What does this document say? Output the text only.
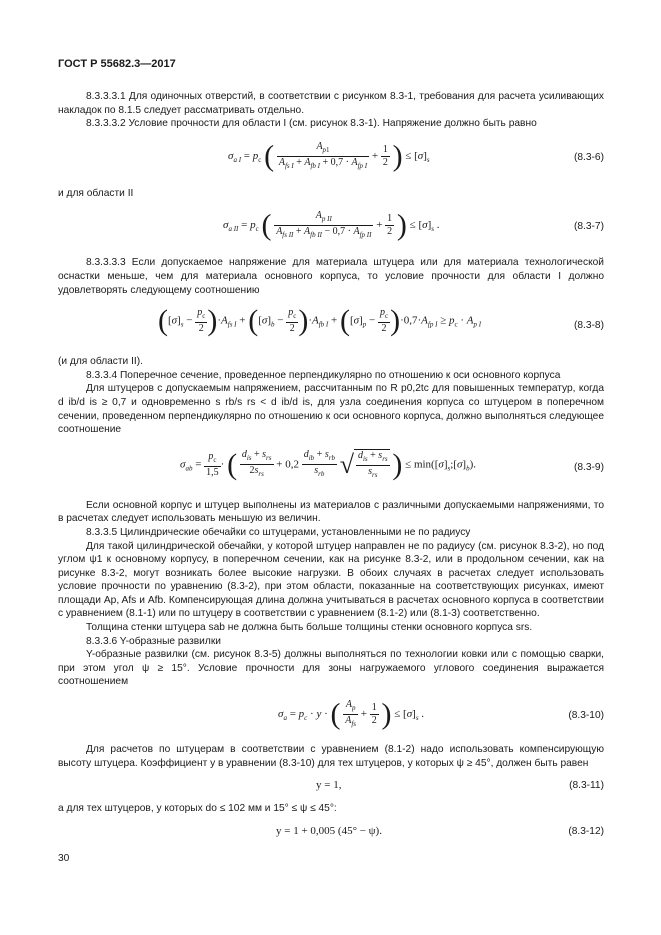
ГОСТ Р 55682.3—2017

8.3.3.3.1 Для одиночных отверстий, в соответствии с рисунком 8.3-1, требования для расчета усиливающих накладок по 8.1.5 следует рассматривать отдельно.

8.3.3.3.2 Условие прочности для области I (см. рисунок 8.3-1). Напряжение должно быть равно

$\sigma_{a I} = p_c$ ( $\frac{A_{p1}}{A_{fs I} + A_{fb I} + 0,7 \cdot A_{fp I}} + \frac{1}{2}$ ) ≤ $[\sigma]_s$	(8.3-6)

и для области II

$\sigma_{a II} = p_c$ ( $\frac{A_{p II}}{A_{fs II} + A_{fb II} - 0,7 \cdot A_{fp II}} + \frac{1}{2}$ ) ≤ $[\sigma]_s$ .	(8.3-7)

8.3.3.3.3 Если допускаемое напряжение для материала штуцера или для материала технологической оснастки меньше, чем для материала основного корпуса, то условие прочности для области I должно удовлетворять следующему соотношению

$([\sigma]_s - \frac{p_c}{2} )\cdot A_{fs I} + ([\sigma]_b - \frac{p_c}{2} )\cdot A_{fb I} + ([\sigma]_p - \frac{p_c}{2} )\cdot 0,7\cdot A_{fp I} \ge p_c \cdot A_{p I}$	(8.3-8)

(и для области II).

8.3.3.4 Поперечное сечение, проведенное перпендикулярно по отношению к оси основного корпуса

Для штуцеров с допускаемым напряжением, рассчитанным по R p0,2tc для повышенных температур, когда d ib/d is ≥ 0,7 и одновременно s rb/s rs < d ib/d is, для узла соединения корпуса со штуцером в поперечном сечении, проведенном перпендикулярно по отношению к оси основного корпуса, должно выполняться следующее соотношение

$\sigma_{ab} = \frac{p_c}{1,5}$ · ( $\frac{d_{is} + s_{rs}}{2s_{rs}} + 0,2 \frac{d_{ib} + s_{rb}}{s_{rb}}$ √ $\frac{d_{is} + s_{rs}}{s_{rs}}$ ) ≤ $\min([\sigma]_s;[\sigma]_b)$.	(8.3-9)

Если основной корпус и штуцер выполнены из материалов с различными допускаемыми напряжениями, то в расчетах следует использовать меньшую из величин.

8.3.3.5 Цилиндрические обечайки со штуцерами, установленными не по радиусу

Для такой цилиндрической обечайки, у которой штуцер направлен не по радиусу (см. рисунок 8.3-2), но под углом ψ1 к основному корпусу, в поперечном сечении, как на рисунке 8.3-2, или в продольном сечении, как на рисунке 8.3-2, могут возникать более высокие нагрузки. В обоих случаях в расчетах следует использовать условие прочности по уравнению (8.3-2), при этом области, показанные на соответствующих рисунках, имеют площади Ap, Afs и Afb. Компенсирующая длина должна учитываться в расчетах основного корпуса в соответствии с уравнением (8.1-1) или по штуцеру в соответствии с уравнением (8.1-2) или (8.1-3) соответственно.

Толщина стенки штуцера sab не должна быть больше толщины стенки основного корпуса srs.

8.3.3.6 Y-образные развилки

Y-образные развилки (см. рисунок 8.3-5) должны выполняться по технологии ковки или с помощью сварки, при этом угол ψ ≥ 15°. Условие прочности для зоны нагружаемого углового соединения выражается соотношением

$\sigma_a = p_c \cdot y$ · ( $\frac{A_p}{A_{fs}} + \frac{1}{2}$ ) ≤ $[\sigma]_s$ .	(8.3-10)

Для расчетов по штуцерам в соответствии с уравнением (8.1-2) надо использовать компенсирующую высоту штуцера. Коэффициент y в уравнении (8.3-10) для тех штуцеров, у которых ψ ≥ 45°, должен быть равен

y = 1,	(8.3-11)

а для тех штуцеров, у которых do ≤ 102 мм и 15° ≤ ψ ≤ 45°:

y = 1 + 0,005 (45° − ψ).	(8.3-12)
30
